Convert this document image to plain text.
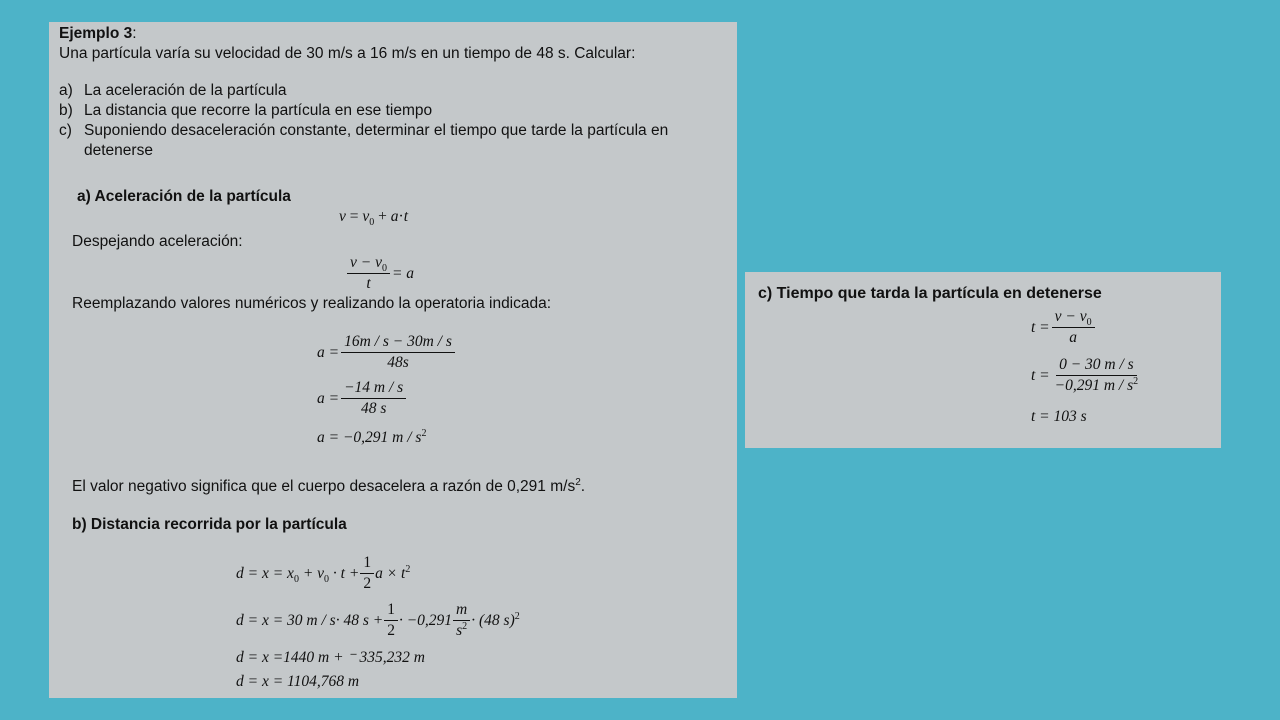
Ejemplo 3:
Una partícula varía su velocidad de 30 m/s a 16 m/s en un tiempo de 48 s. Calcular:
a) La aceleración de la partícula
b) La distancia que recorre la partícula en ese tiempo
c) Suponiendo desaceleración constante, determinar el tiempo que tarde la partícula en
detenerse
a) Aceleración de la partícula
$v = v_0 + a\cdot t$
Despejando aceleración:
$\frac{v - v_0}{t} = a$
Reemplazando valores numéricos y realizando la operatoria indicada:
$a = \frac{16m / s - 30m / s}{48s}$
$a = \frac{-14 m / s}{48 s}$
a = −0,291 m / $s^2$
El valor negativo significa que el cuerpo desacelera a razón de 0,291 $m/s^2$.
b) Distancia recorrida por la partícula
$d = x = x_0 + v_0 \cdot t + \frac{1}{2}$ $a \times t^2$
d = x = 30 m / s· 48 $s + \frac{1}{2} \cdot -0,291 \frac{m}{s^2} \cdot (48$ s)$^2$
d = x =1440 m + ⁻ 335,232 m
d = x = 1104,768 m
c) Tiempo que tarda la partícula en detenerse
$t = \frac{v - v_0}{a}$
$t = \frac{0 - 30 m / s}{-0,291 m / s^2}$
t = 103 s
